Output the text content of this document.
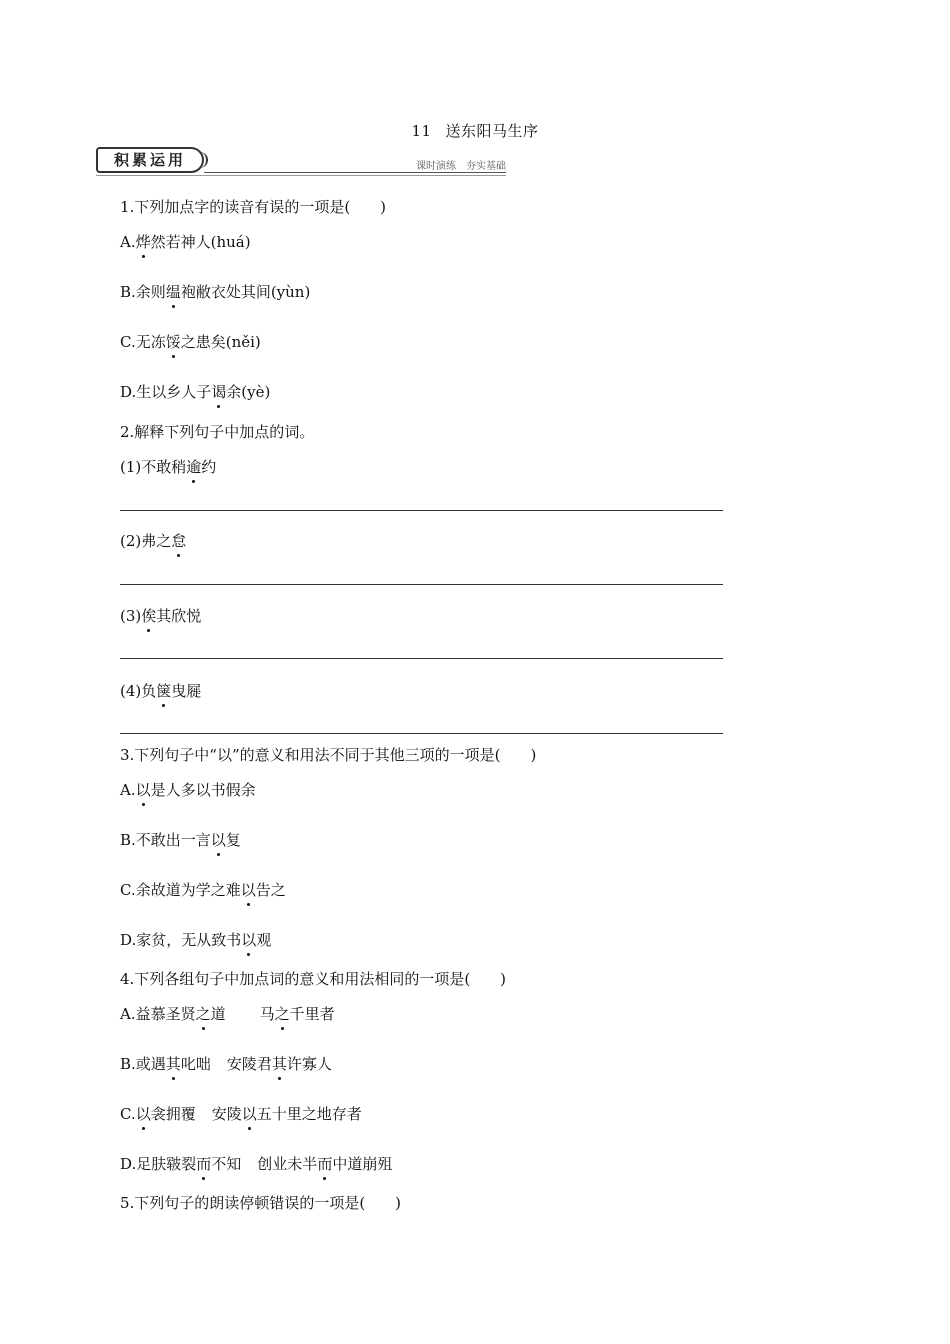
11 送东阳马生序
积累运用	课时演练　夯实基础
1.下列加点字的读音有误的一项是(　　)
A.烨然若神人(huá)
B.余则缊袍敝衣处其间(yùn)
C.无冻馁之患矣(něi)
D.生以乡人子谒余(yè)
2.解释下列句子中加点的词。
(1)不敢稍逾约
(2)弗之怠
(3)俟其欣悦
(4)负箧曳屣
3.下列句子中“以”的意义和用法不同于其他三项的一项是(　　)
A.以是人多以书假余
B.不敢出一言以复
C.余故道为学之难以告之
D.家贫，无从致书以观
4.下列各组句子中加点词的意义和用法相同的一项是(　　)
A.益慕圣贤之道 马之千里者
B.或遇其叱咄 安陵君其许寡人
C.以衾拥覆 安陵以五十里之地存者
D.足肤皲裂而不知 创业未半而中道崩殂
5.下列句子的朗读停顿错误的一项是(　　)
